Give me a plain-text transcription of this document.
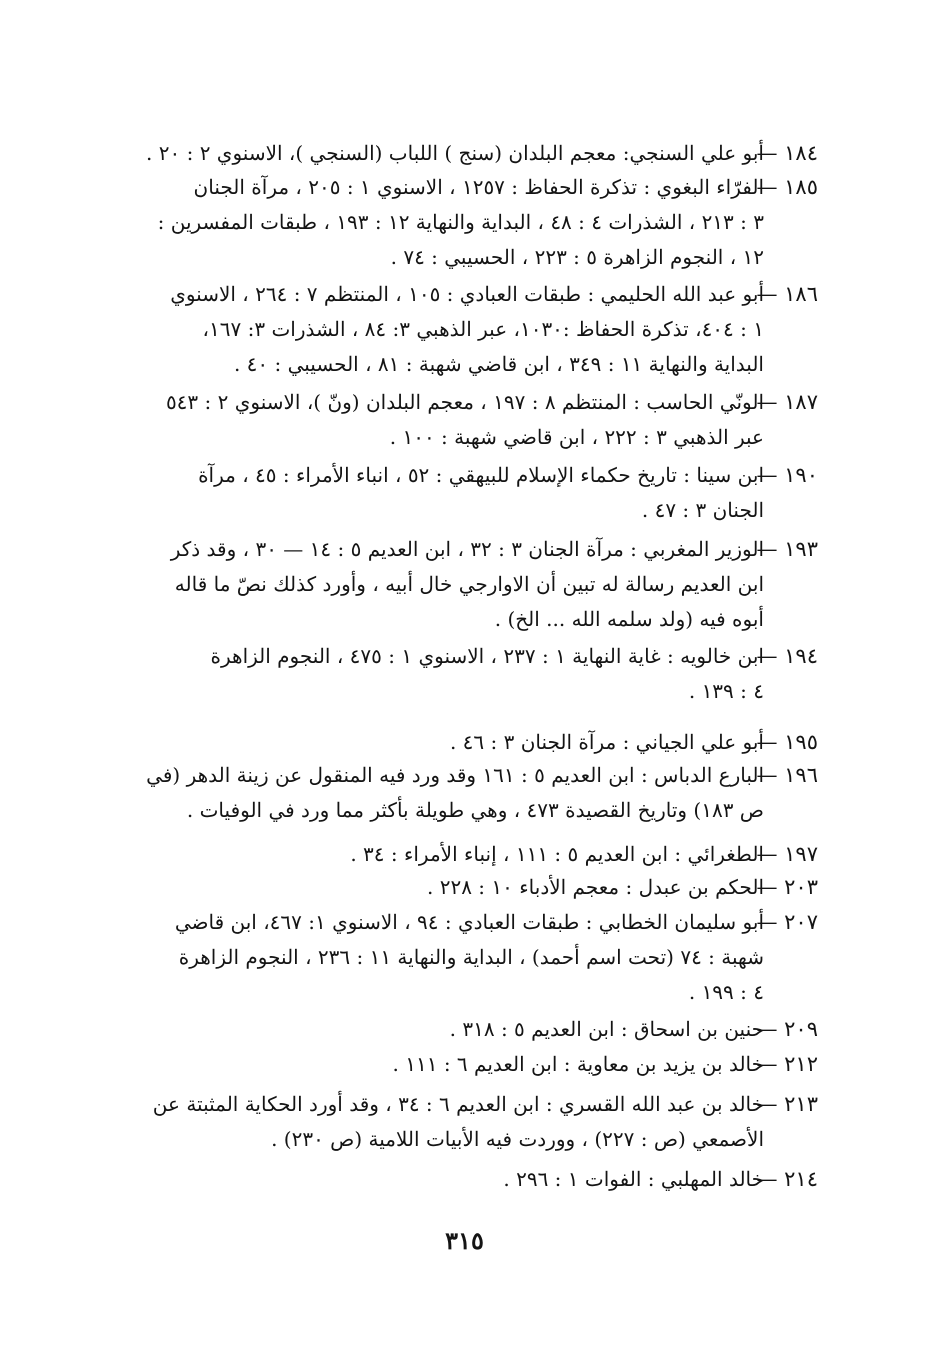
١٨٤ —
أبو علي السنجي: معجم البلدان (سنج ) اللباب (السنجي )، الاسنوي ٢ : ٢٠ .
١٨٥ —
الفرّاء البغوي : تذكرة الحفاظ : ١٢٥٧ ، الاسنوي ١ : ٢٠٥ ، مرآة الجنان
٣ : ٢١٣ ، الشذرات ٤ : ٤٨ ، البداية والنهاية ١٢ : ١٩٣ ، طبقات المفسرين :
١٢ ، النجوم الزاهرة ٥ : ٢٢٣ ، الحسيبي : ٧٤ .
١٨٦ —
أبو عبد الله الحليمي : طبقات العبادي : ١٠٥ ، المنتظم ٧ : ٢٦٤ ، الاسنوي
١ : ٤٠٤، تذكرة الحفاظ :١٠٣٠، عبر الذهبي ٣: ٨٤ ، الشذرات ٣: ١٦٧،
البداية والنهاية ١١ : ٣٤٩ ، ابن قاضي شهبة : ٨١ ، الحسيبي : ٤٠ .
١٨٧ —
الونّي الحاسب : المنتظم ٨ : ١٩٧ ، معجم البلدان (ونّ )، الاسنوي ٢ : ٥٤٣
عبر الذهبي ٣ : ٢٢٢ ، ابن قاضي شهبة : ١٠٠ .
١٩٠ —
ابن سينا : تاريخ حكماء الإسلام للبيهقي : ٥٢ ، انباء الأمراء : ٤٥ ، مرآة
الجنان ٣ : ٤٧ .
١٩٣ —
الوزير المغربي : مرآة الجنان ٣ : ٣٢ ، ابن العديم ٥ : ١٤ — ٣٠ ، وقد ذكر
ابن العديم رسالة له تبين أن الاوارجي خال أبيه ، وأورد كذلك نصّ ما قاله
أبوه فيه (ولد سلمه الله ... الخ) .
١٩٤ —
ابن خالويه : غاية النهاية ١ : ٢٣٧ ، الاسنوي ١ : ٤٧٥ ، النجوم الزاهرة
٤ : ١٣٩ .
١٩٥ —
أبو علي الجياني : مرآة الجنان ٣ : ٤٦ .
١٩٦ —
البارع الدباس : ابن العديم ٥ : ١٦١ وقد ورد فيه المنقول عن زينة الدهر (في
ص ١٨٣) وتاريخ القصيدة ٤٧٣ ، وهي طويلة بأكثر مما ورد في الوفيات .
١٩٧ —
الطغرائي : ابن العديم ٥ : ١١١ ، إنباء الأمراء : ٣٤ .
٢٠٣ —
الحكم بن عبدل : معجم الأدباء ١٠ : ٢٢٨ .
٢٠٧ —
أبو سليمان الخطابي : طبقات العبادي : ٩٤ ، الاسنوي ١: ٤٦٧، ابن قاضي
شهبة : ٧٤ (تحت اسم أحمد) ، البداية والنهاية ١١ : ٢٣٦ ، النجوم الزاهرة
٤ : ١٩٩ .
٢٠٩ —
حنين بن اسحاق : ابن العديم ٥ : ٣١٨ .
٢١٢ —
خالد بن يزيد بن معاوية : ابن العديم ٦ : ١١١ .
٢١٣ —
خالد بن عبد الله القسري : ابن العديم ٦ : ٣٤ ، وقد أورد الحكاية المثبتة عن
الأصمعي (ص : ٢٢٧) ، ووردت فيه الأبيات اللامية (ص ٢٣٠) .
٢١٤ —
خالد المهلبي : الفوات ١ : ٢٩٦ .
٣١٥
